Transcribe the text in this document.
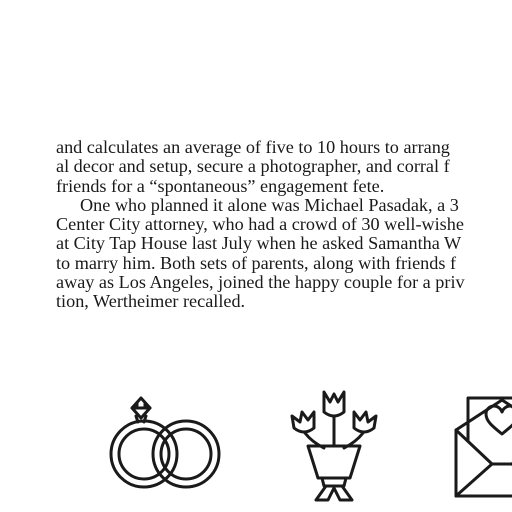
and calculates an average of five to 10 hours to arrang
al decor and setup, secure a photographer, and corral f
friends for a “spontaneous” engagement fete.
One who planned it alone was Michael Pasadak, a 3
Center City attorney, who had a crowd of 30 well-wishe
at City Tap House last July when he asked Samantha W
to marry him. Both sets of parents, along with friends f
away as Los Angeles, joined the happy couple for a priv
tion, Wertheimer recalled.
